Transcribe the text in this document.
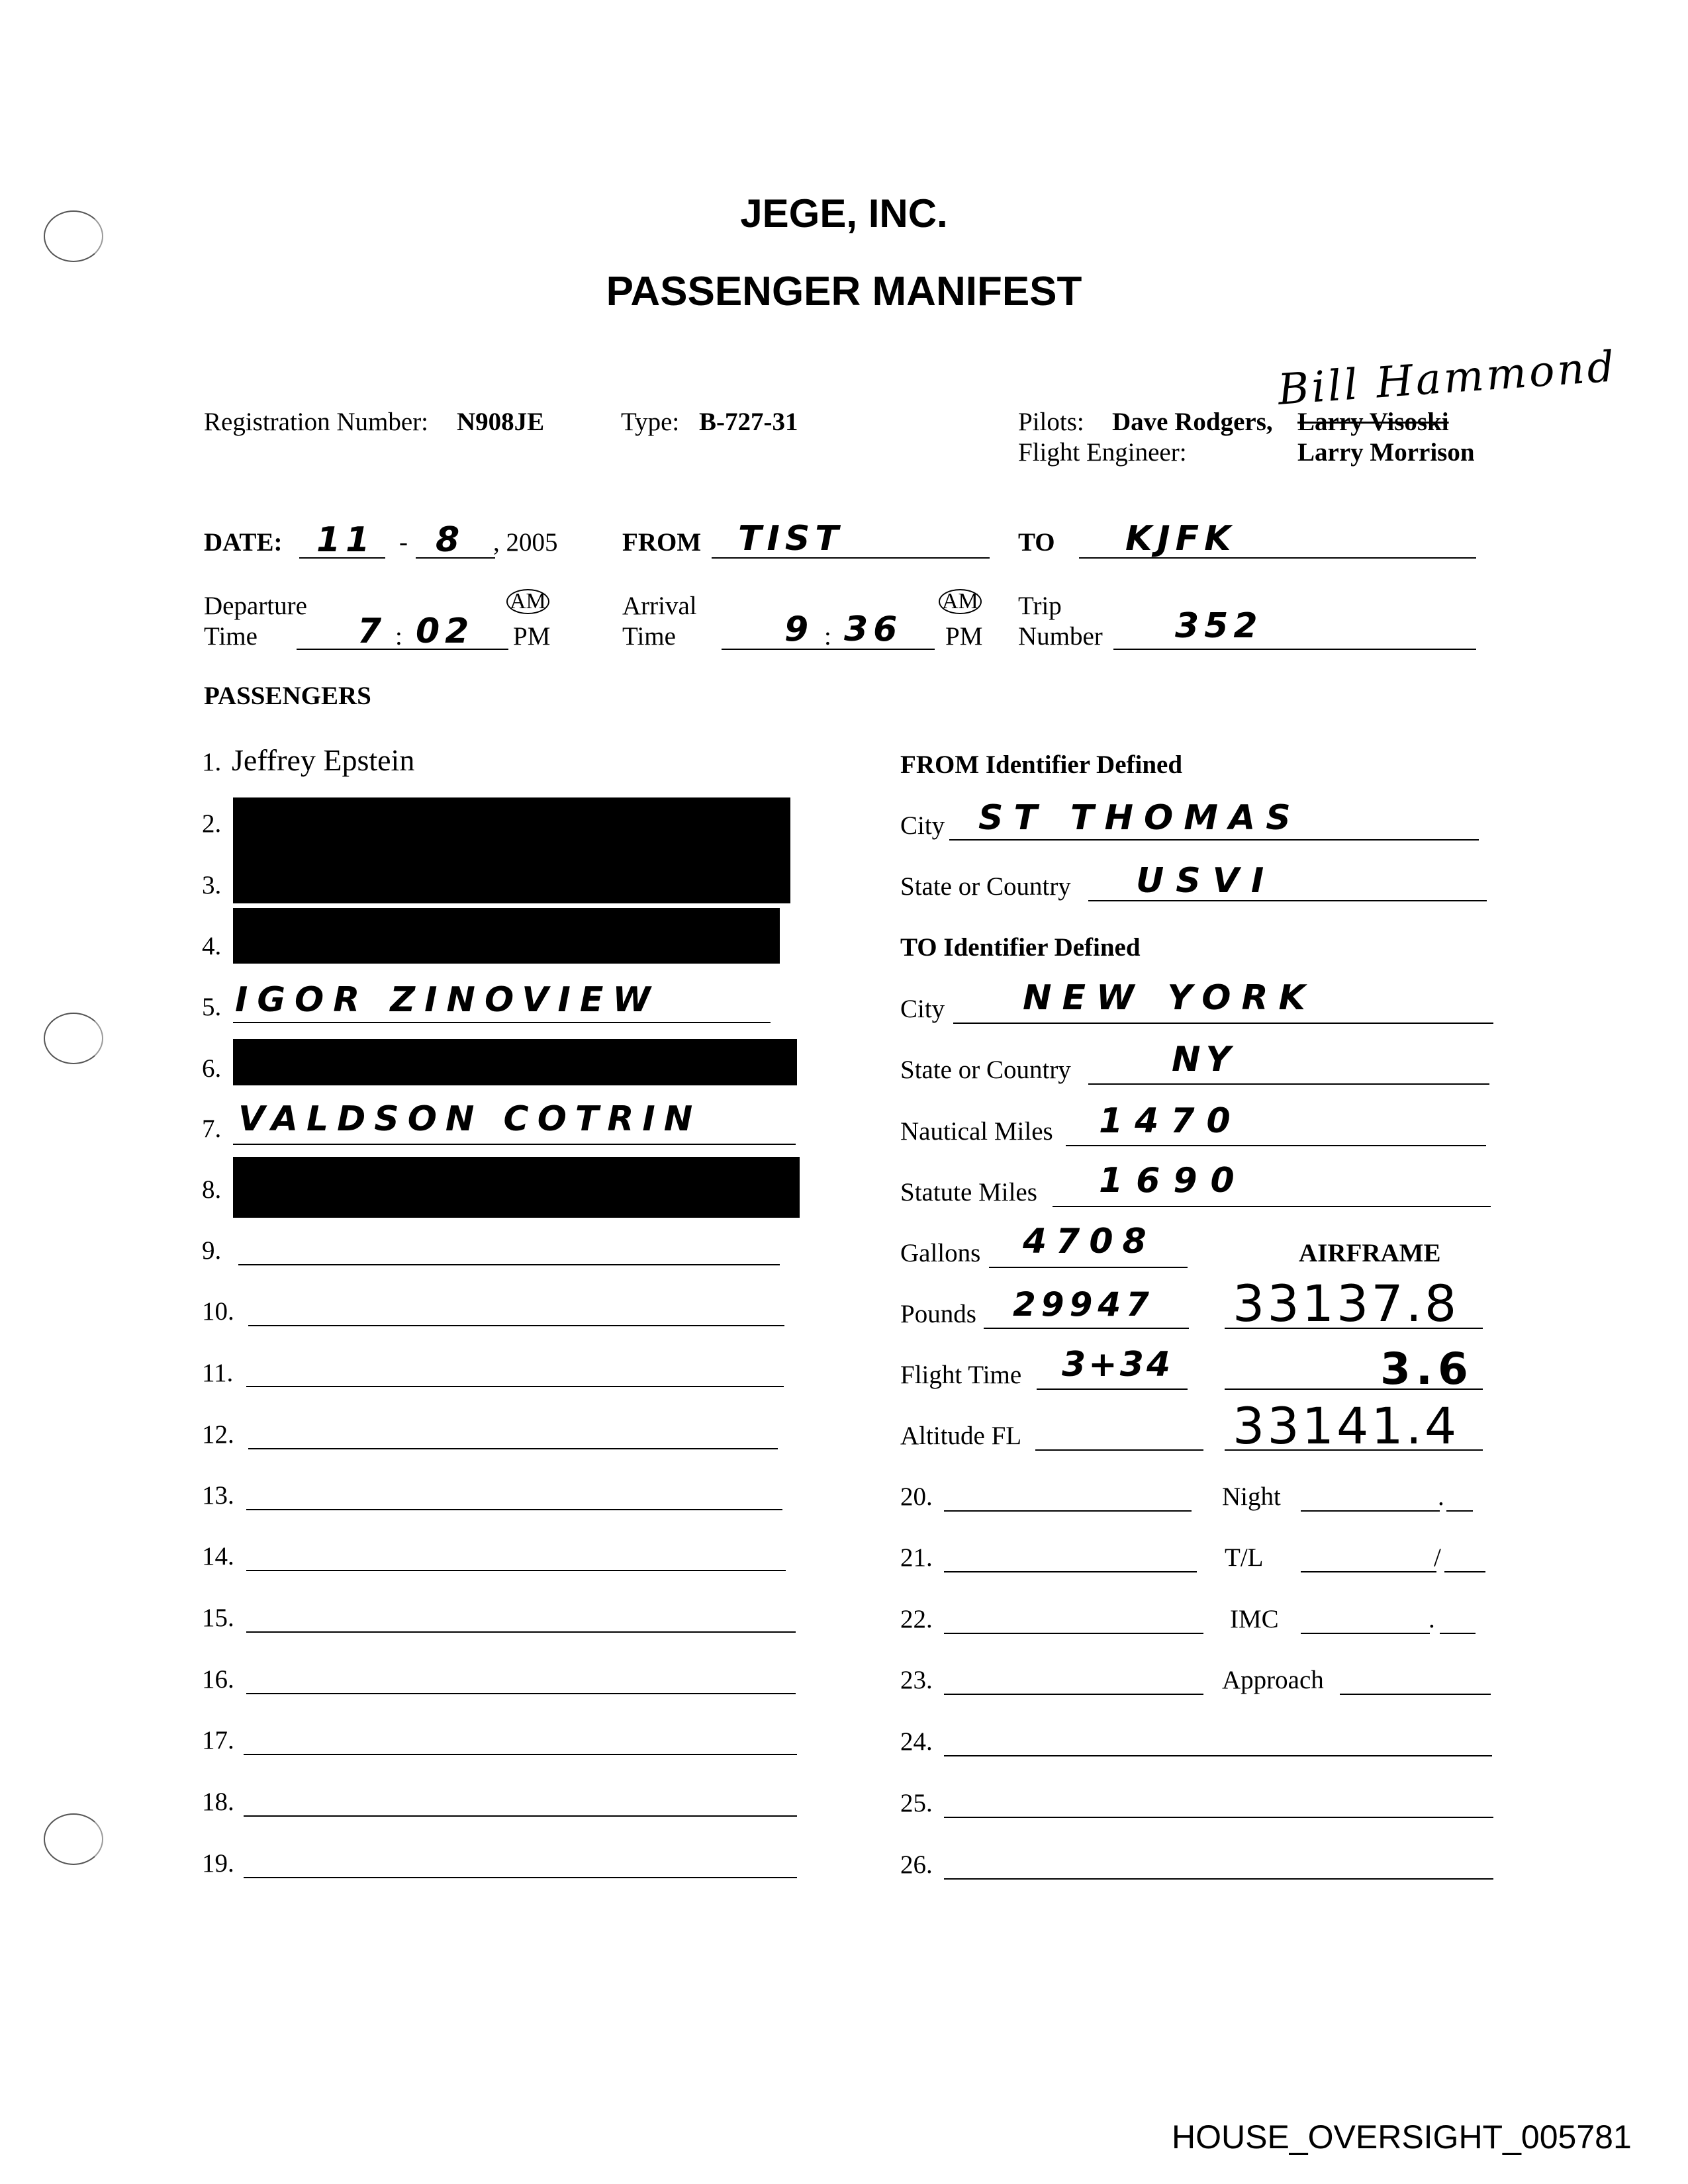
JEGE, INC.
PASSENGER MANIFEST
Registration Number: N908JE	Type: B-727-31
Bill Hammond
Pilots: Dave Rodgers, Larry Visoski
Flight Engineer:	Larry Morrison
DATE: 11 - 8 , 2005	FROM TIST	TO KJFK
Departure
Time	7 : 02
AM
PM
Arrival
Time	9 : 36
AM
PM
Trip
Number 352
PASSENGERS
1. Jeffrey Epstein
2.
3.
4.
5. IGOR ZINOVIEW
6.
7. VALDSON COTRIN
8.
9.
10.
11.
12.
13.
14.
15.
16.
17.
18.
19.
FROM Identifier Defined
City ST THOMAS
State or Country USVI
TO Identifier Defined
City NEW YORK
State or Country	NY
Nautical Miles 1470
Statute Miles 1690
Gallons 4708	AIRFRAME
Pounds 29947 33137.8
Flight Time 3+34	3.6
Altitude FL	33141.4
20.	Night	.
21.	T/L	/
22.	IMC	.
23.	Approach
24.
25.
26.
HOUSE_OVERSIGHT_005781
